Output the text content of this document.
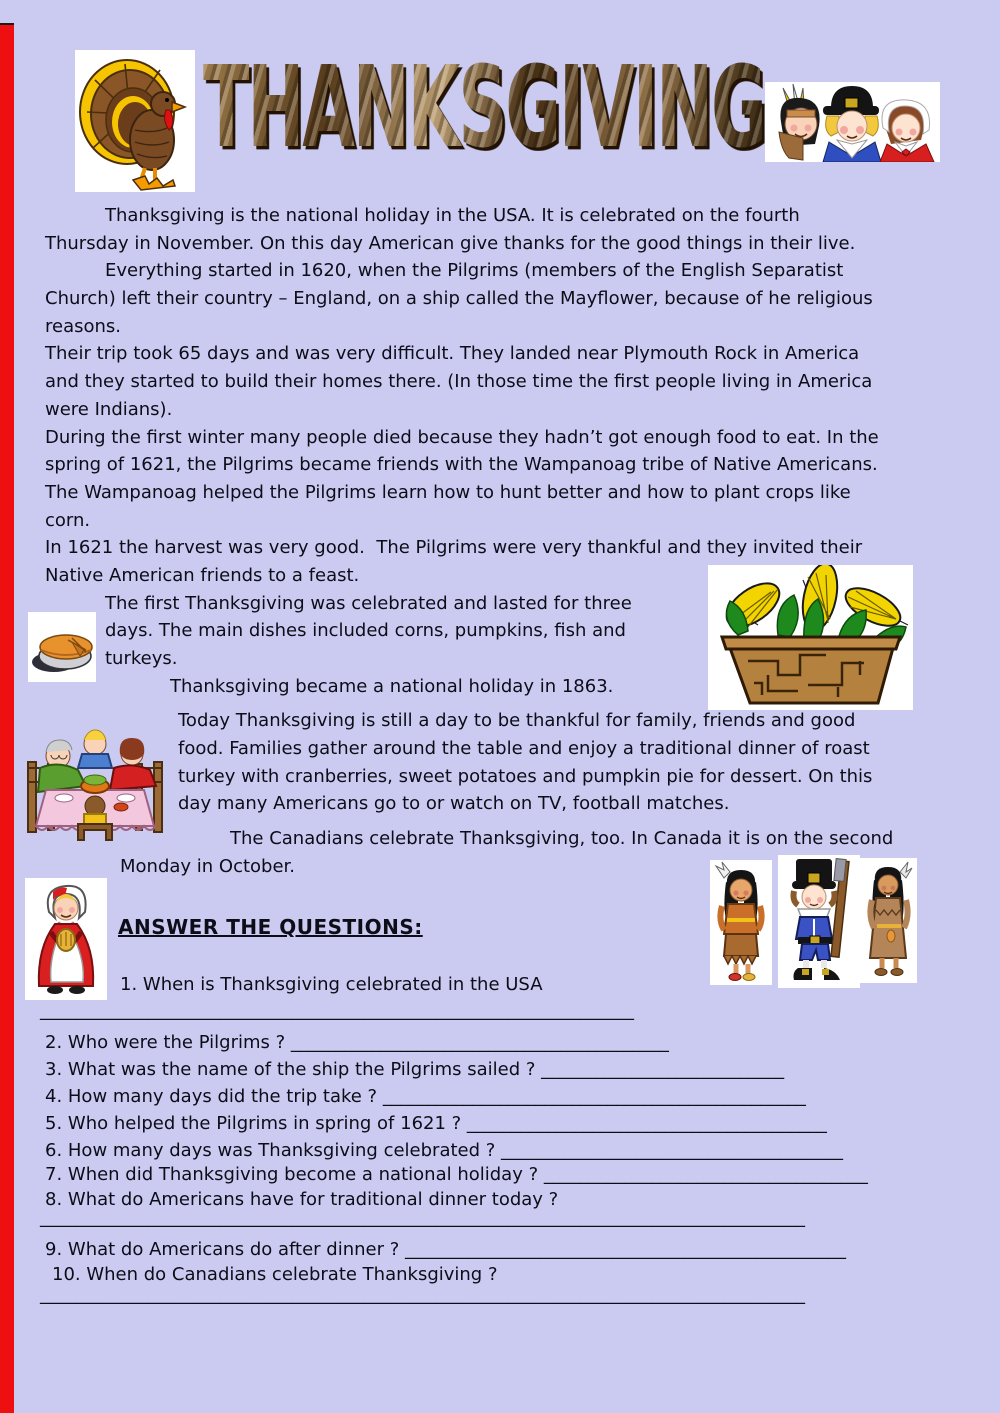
THANKSGIVING
Thanksgiving is the national holiday in the USA. It is celebrated on the fourth
Thursday in November. On this day American give thanks for the good things in their live.
Everything started in 1620, when the Pilgrims (members of the English Separatist
Church) left their country – England, on a ship called the Mayflower, because of he religious
reasons.
Their trip took 65 days and was very difficult. They landed near Plymouth Rock in America
and they started to build their homes there. (In those time the first people living in America
were Indians).
During the first winter many people died because they hadn’t got enough food to eat. In the
spring of 1621, the Pilgrims became friends with the Wampanoag tribe of Native Americans.
The Wampanoag helped the Pilgrims learn how to hunt better and how to plant crops like
corn.
In 1621 the harvest was very good.  The Pilgrims were very thankful and they invited their
Native American friends to a feast.
The first Thanksgiving was celebrated and lasted for three
days. The main dishes included corns, pumpkins, fish and
turkeys.
Thanksgiving became a national holiday in 1863.
Today Thanksgiving is still a day to be thankful for family, friends and good
food. Families gather around the table and enjoy a traditional dinner of roast
turkey with cranberries, sweet potatoes and pumpkin pie for dessert. On this
day many Americans go to or watch on TV, football matches.
The Canadians celebrate Thanksgiving, too. In Canada it is on the second
Monday in October.
ANSWER THE QUESTIONS:
1. When is Thanksgiving celebrated in the USA
__________________________________________________________________
2. Who were the Pilgrims ? __________________________________________
3. What was the name of the ship the Pilgrims sailed ? ___________________________
4. How many days did the trip take ? _______________________________________________
5. Who helped the Pilgrims in spring of 1621 ? ________________________________________
6. How many days was Thanksgiving celebrated ? ______________________________________
7. When did Thanksgiving become a national holiday ? ____________________________________
8. What do Americans have for traditional dinner today ?
_____________________________________________________________________________________
9. What do Americans do after dinner ? _________________________________________________
10. When do Canadians celebrate Thanksgiving ?
_____________________________________________________________________________________
